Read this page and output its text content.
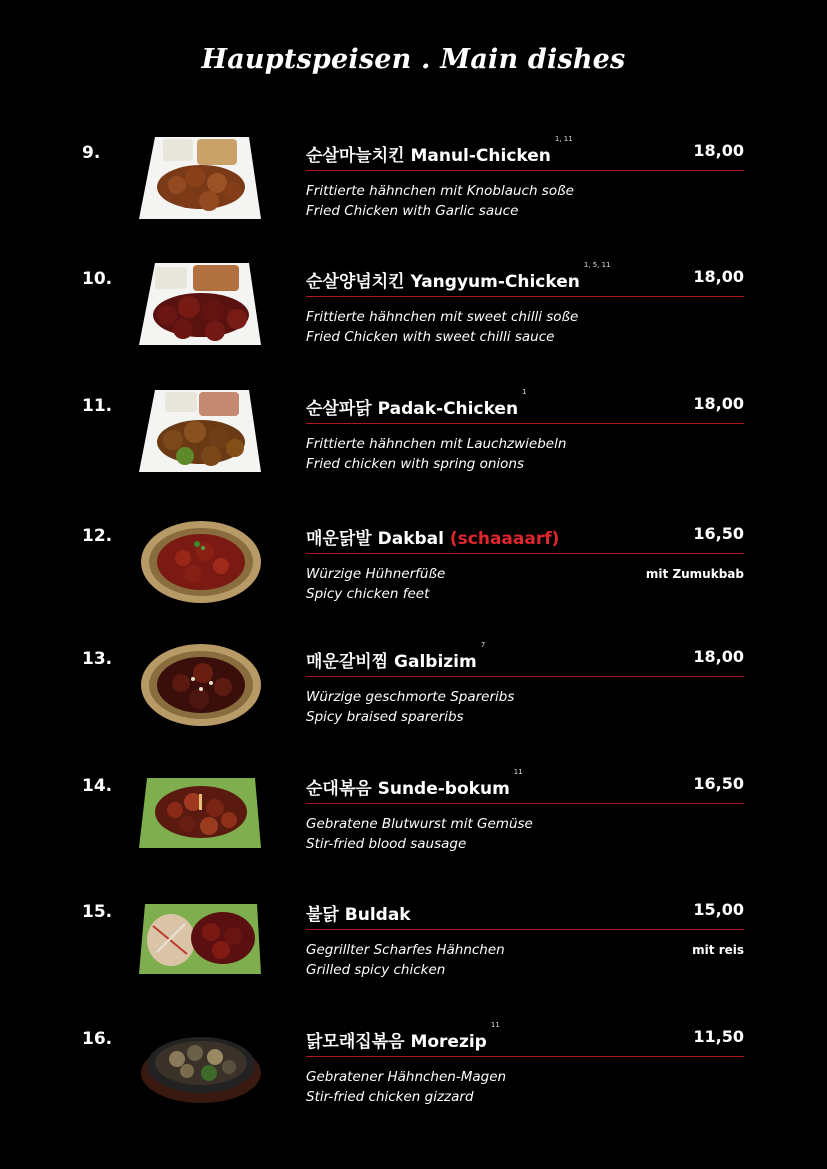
Hauptspeisen . Main dishes
9.	순살마늘치킨 Manul-Chicken$^{1, 11}$
18,00
Frittierte hähnchen mit Knoblauch soße
Fried Chicken with Garlic sauce
10.	순살양념치킨 Yangyum-Chicken$^{1, 5, 11}$
18,00
Frittierte hähnchen mit sweet chilli soße
Fried Chicken with sweet chilli sauce
11.	순살파닭 Padak-Chicken$^1$
18,00
Frittierte hähnchen mit Lauchzwiebeln
Fried chicken with spring onions
12.	매운닭발 Dakbal (schaaaarf)	16,50
Würzige Hühnerfüße
Spicy chicken feet
mit Zumukbab
13.	매운갈비찜 Galbizim$^7$
18,00
Würzige geschmorte Spareribs
Spicy braised spareribs
14.	순대볶음 Sunde-bokum$^{11}$
16,50
Gebratene Blutwurst mit Gemüse
Stir-fried blood sausage
15.	불닭 Buldak	15,00
Gegrillter Scharfes Hähnchen
Grilled spicy chicken
mit reis
16.	닭모래집볶음 Morezip$^{11}$
11,50
Gebratener Hähnchen-Magen
Stir-fried chicken gizzard
